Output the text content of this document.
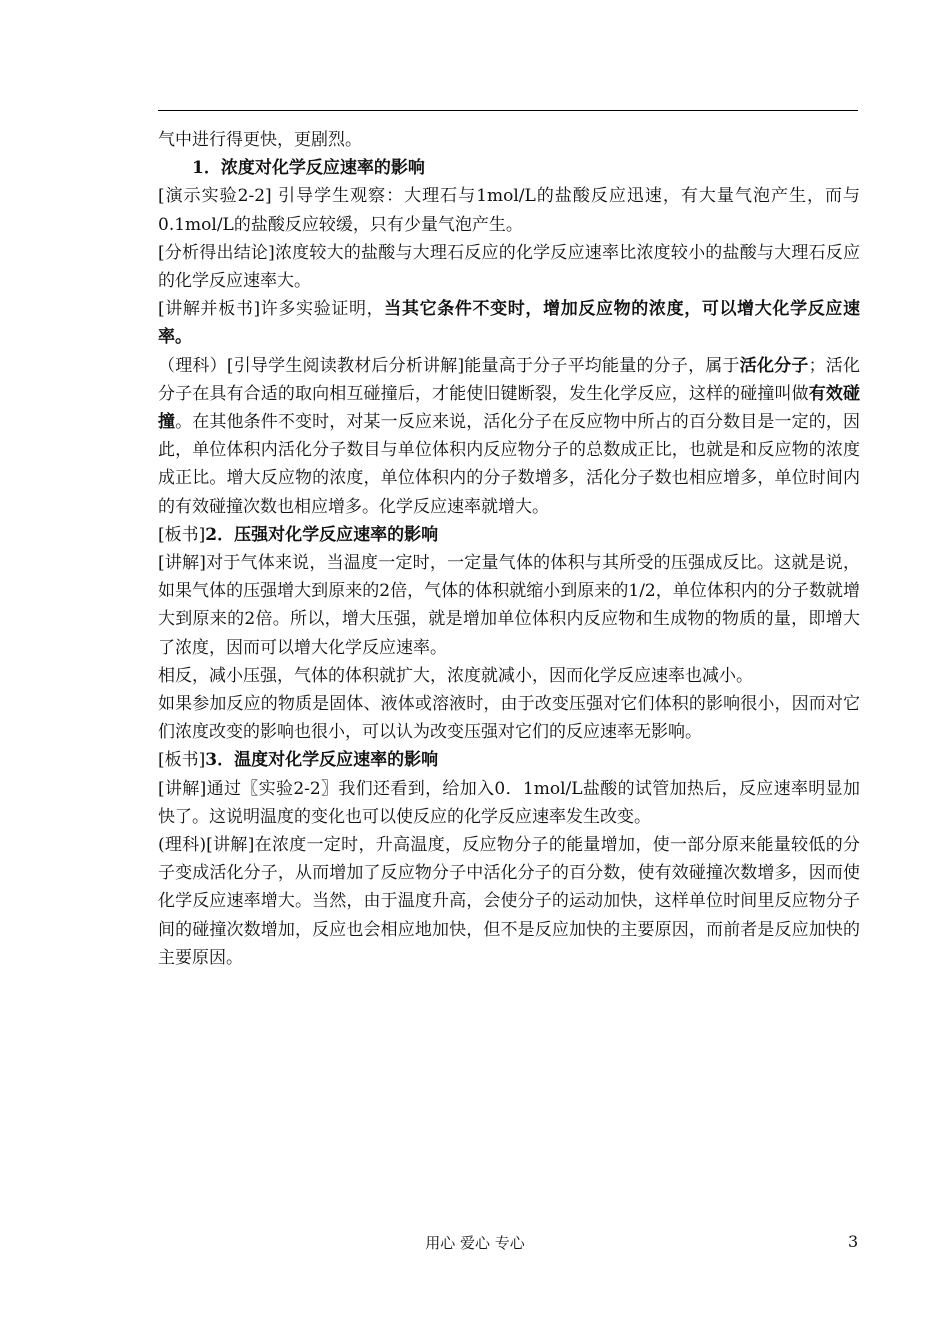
气中进行得更快，更剧烈。

1．浓度对化学反应速率的影响

[演示实验2-2] 引导学生观察：大理石与1mol/L的盐酸反应迅速，有大量气泡产生，而与0.1mol/L的盐酸反应较缓，只有少量气泡产生。

[分析得出结论]浓度较大的盐酸与大理石反应的化学反应速率比浓度较小的盐酸与大理石反应的化学反应速率大。

[讲解并板书]许多实验证明，当其它条件不变时，增加反应物的浓度，可以增大化学反应速率。

（理科）[引导学生阅读教材后分析讲解]能量高于分子平均能量的分子，属于活化分子；活化分子在具有合适的取向相互碰撞后，才能使旧键断裂，发生化学反应，这样的碰撞叫做有效碰撞。在其他条件不变时，对某一反应来说，活化分子在反应物中所占的百分数目是一定的，因此，单位体积内活化分子数目与单位体积内反应物分子的总数成正比，也就是和反应物的浓度成正比。增大反应物的浓度，单位体积内的分子数增多，活化分子数也相应增多，单位时间内的有效碰撞次数也相应增多。化学反应速率就增大。

[板书]2．压强对化学反应速率的影响

[讲解]对于气体来说，当温度一定时，一定量气体的体积与其所受的压强成反比。这就是说，如果气体的压强增大到原来的2倍，气体的体积就缩小到原来的1/2，单位体积内的分子数就增大到原来的2倍。所以，增大压强，就是增加单位体积内反应物和生成物的物质的量，即增大了浓度，因而可以增大化学反应速率。

相反，减小压强，气体的体积就扩大，浓度就减小，因而化学反应速率也减小。

如果参加反应的物质是固体、液体或溶液时，由于改变压强对它们体积的影响很小，因而对它们浓度改变的影响也很小，可以认为改变压强对它们的反应速率无影响。

[板书]3．温度对化学反应速率的影响

[讲解]通过〖实验2-2〗我们还看到，给加入0．1mol/L盐酸的试管加热后，反应速率明显加快了。这说明温度的变化也可以使反应的化学反应速率发生改变。

(理科)[讲解]在浓度一定时，升高温度，反应物分子的能量增加，使一部分原来能量较低的分子变成活化分子，从而增加了反应物分子中活化分子的百分数，使有效碰撞次数增多，因而使化学反应速率增大。当然，由于温度升高，会使分子的运动加快，这样单位时间里反应物分子间的碰撞次数增加，反应也会相应地加快，但不是反应加快的主要原因，而前者是反应加快的主要原因。

用心 爱心 专心	3
